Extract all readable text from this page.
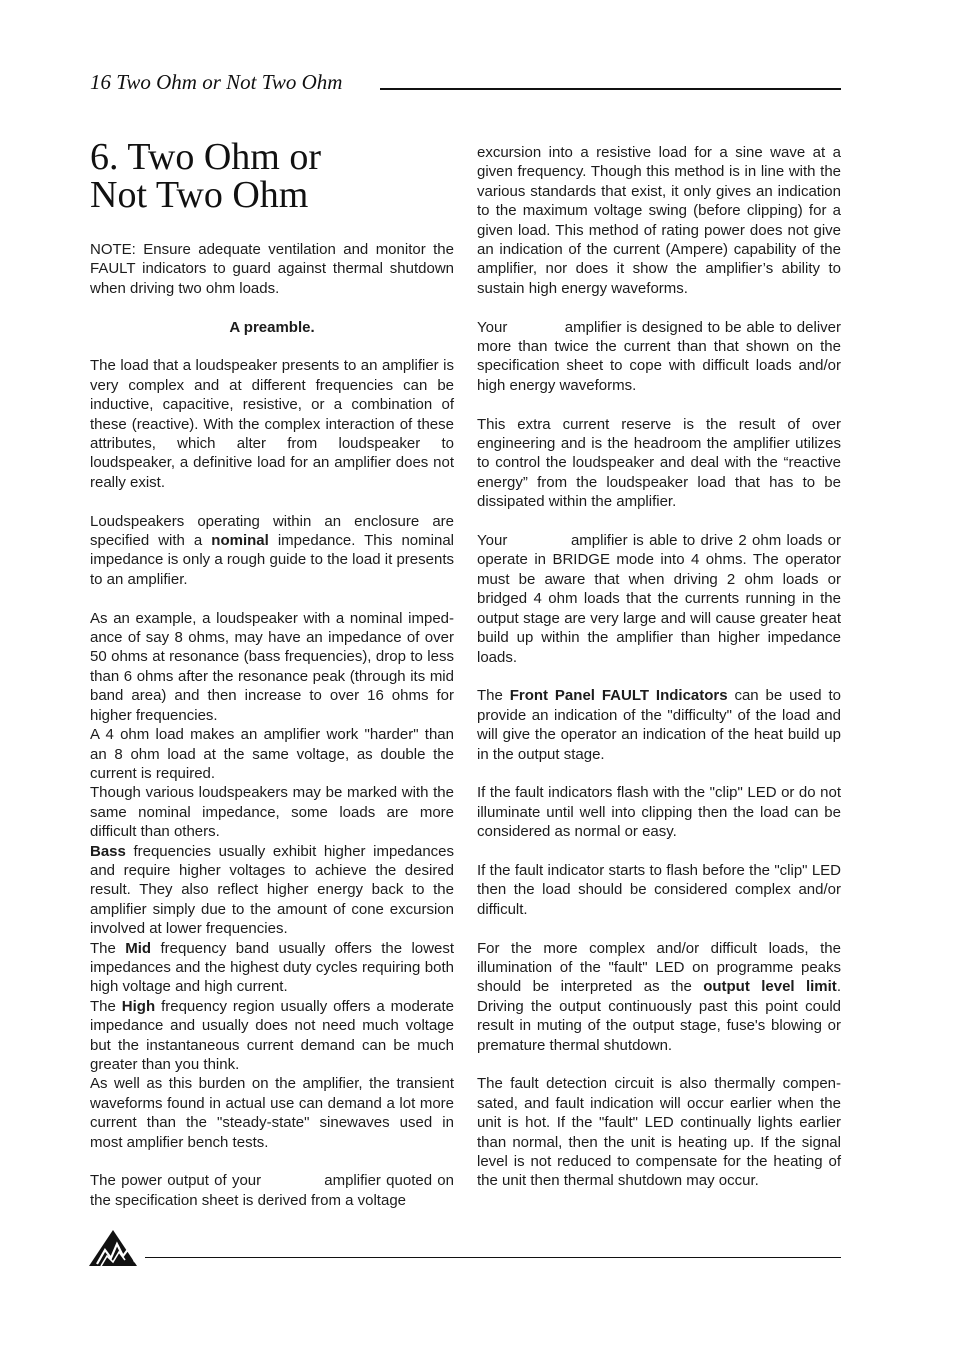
16 Two Ohm or Not Two Ohm
6. Two Ohm or
Not Two Ohm

NOTE: Ensure adequate ventilation and monitor the FAULT indicators to guard against thermal shutdown when driving two ohm loads.

A preamble.

The load that a loudspeaker presents to an amplifier is very complex and at different frequencies can be inductive, capacitive, resistive, or a combination of these (reactive). With the complex interaction of these attributes, which alter from loudspeaker to loudspeaker, a definitive load for an amplifier does not really exist.

Loudspeakers operating within an enclosure are specified with a nominal impedance. This nominal impedance is only a rough guide to the load it presents to an amplifier.

As an example, a loudspeaker with a nominal imped-ance of say 8 ohms, may have an impedance of over 50 ohms at resonance (bass frequencies), drop to less than 6 ohms after the resonance peak (through its mid band area) and then increase to over 16 ohms for higher frequencies.

A 4 ohm load makes an amplifier work "harder" than an 8 ohm load at the same voltage, as double the current is required.

Though various loudspeakers may be marked with the same nominal impedance, some loads are more difficult than others.

Bass frequencies usually exhibit higher impedances and require higher voltages to achieve the desired result. They also reflect higher energy back to the amplifier simply due to the amount of cone excursion involved at lower frequencies.

The Mid frequency band usually offers the lowest impedances and the highest duty cycles requiring both high voltage and high current.

The High frequency region usually offers a moderate impedance and usually does not need much voltage but the instantaneous current demand can be much greater than you think.

As well as this burden on the amplifier, the transient waveforms found in actual use can demand a lot more current than the "steady-state" sinewaves used in most amplifier bench tests.

The power output of your            amplifier quoted on the specification sheet is derived from a voltage

excursion into a resistive load for a sine wave at a given frequency. Though this method is in line with the various standards that exist, it only gives an indication to the maximum voltage swing (before clipping) for a given load. This method of rating power does not give an indication of the current (Ampere) capability of the amplifier, nor does it show the amplifier’s ability to sustain high energy waveforms.

Your            amplifier is designed to be able to deliver more than twice the current than that shown on the specification sheet to cope with difficult loads and/or high energy waveforms.

This extra current reserve is the result of over engineering and is the headroom the amplifier utilizes to control the loudspeaker and deal with the “reactive energy” from the loudspeaker load that has to be dissipated within the amplifier.

Your            amplifier is able to drive 2 ohm loads or operate in BRIDGE mode into 4 ohms. The operator must be aware that when driving 2 ohm loads or bridged 4 ohm loads that the currents running in the output stage are very large and will cause greater heat build up within the amplifier than higher impedance loads.

The Front Panel FAULT Indicators can be used to provide an indication of the "difficulty" of the load and will give the operator an indication of the heat build up in the output stage.

If the fault indicators flash with the "clip" LED or do not illuminate until well into clipping then the load can be considered as normal or easy.

If the fault indicator starts to flash before the "clip" LED then the load should be considered complex and/or difficult.

For the more complex and/or difficult loads, the illumination of the "fault" LED on programme peaks should be interpreted as the output level limit. Driving the output continuously past this point could result in muting of the output stage, fuse's blowing or premature thermal shutdown.

The fault detection circuit is also thermally compen-sated, and fault indication will occur earlier when the unit is hot. If the "fault" LED continually lights earlier than normal, then the unit is heating up. If the signal level is not reduced to compensate for the heating of the unit then thermal shutdown may occur.
